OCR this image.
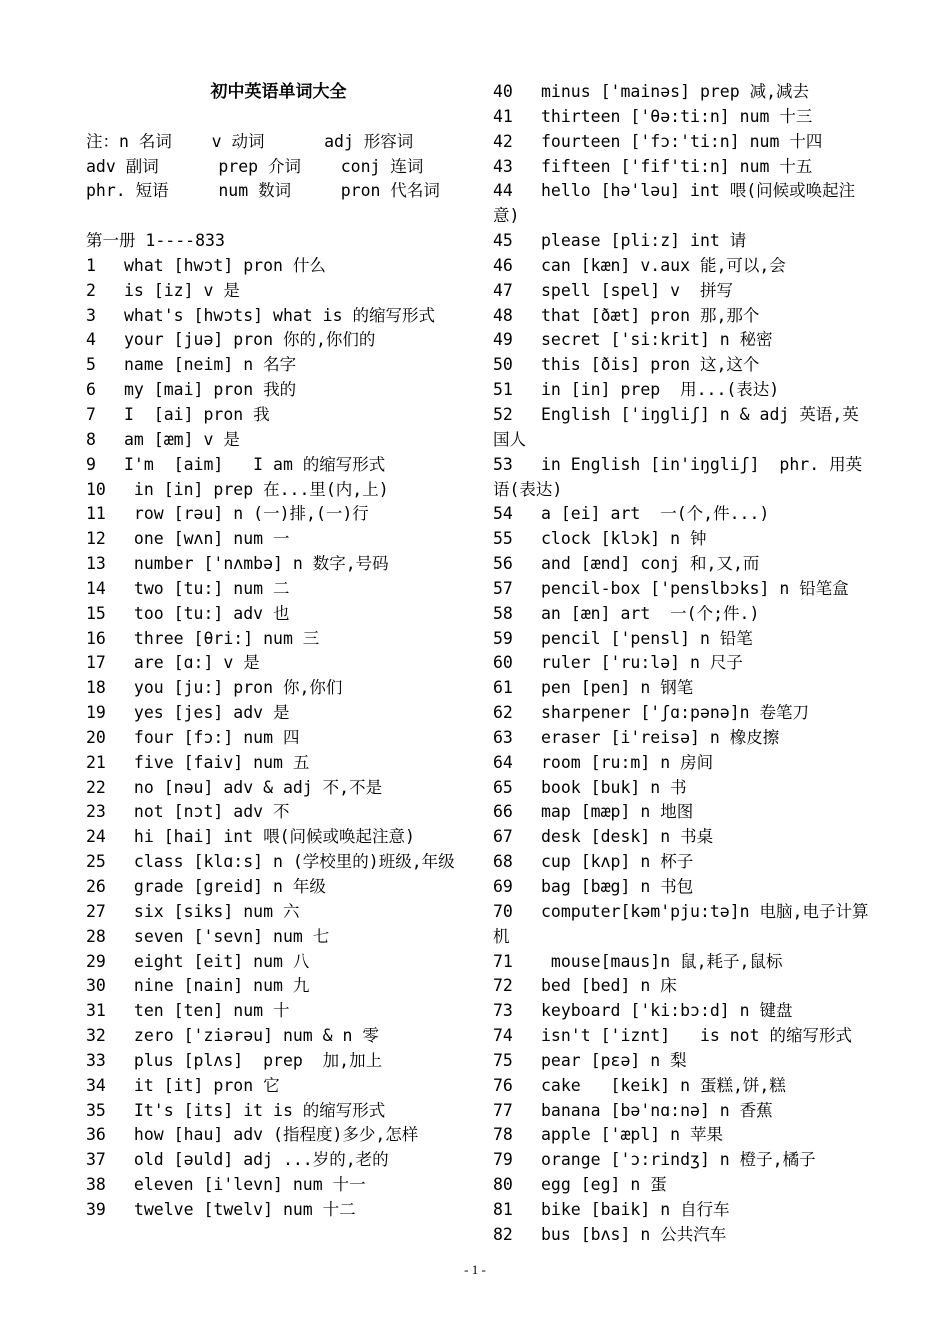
初中英语单词大全
注：n 名词    v 动词      adj 形容词
adv 副词      prep 介词    conj 连词
phr. 短语     num 数词     pron 代名词
第一册 1----833
1 what [hwɔt] pron 什么
2 is [iz] v 是
3 what's [hwɔts] what is 的缩写形式
4 your [juə] pron 你的,你们的
5 name [neim] n 名字
6 my [mai] pron 我的
7 I  [ai] pron 我
8 am [æm] v 是
9 I'm  [aim]   I am 的缩写形式
10 in [in] prep 在...里(内,上)
11 row [rəu] n (一)排,(一)行
12 one [wʌn] num 一
13 number ['nʌmbə] n 数字,号码
14 two [tu:] num 二
15 too [tu:] adv 也
16 three [θri:] num 三
17 are [ɑ:] v 是
18 you [ju:] pron 你,你们
19 yes [jes] adv 是
20 four [fɔ:] num 四
21 five [faiv] num 五
22 no [nəu] adv & adj 不,不是
23 not [nɔt] adv 不
24 hi [hai] int 喂(问候或唤起注意)
25 class [klɑ:s] n (学校里的)班级,年级
26 grade [greid] n 年级
27 six [siks] num 六
28 seven ['sevn] num 七
29 eight [eit] num 八
30 nine [nain] num 九
31 ten [ten] num 十
32 zero ['ziərəu] num & n 零
33 plus [plʌs]  prep  加,加上
34 it [it] pron 它
35 It's [its] it is 的缩写形式
36 how [hau] adv (指程度)多少,怎样
37 old [əuld] adj ...岁的,老的
38 eleven [i'levn] num 十一
39 twelve [twelv] num 十二
40 minus ['mainəs] prep 减,减去
41 thirteen ['θə:ti:n] num 十三
42 fourteen ['fɔ:'ti:n] num 十四
43 fifteen ['fif'ti:n] num 十五
44 hello [hə'ləu] int 喂(问候或唤起注意)
45 please [pli:z] int 请
46 can [kæn] v.aux 能,可以,会
47 spell [spel] v  拼写
48 that [ðæt] pron 那,那个
49 secret ['si:krit] n 秘密
50 this [ðis] pron 这,这个
51 in [in] prep  用...(表达)
52 English ['iŋgliʃ] n & adj 英语,英国人
53 in English [in'iŋgliʃ]  phr. 用英语(表达)
54 a [ei] art  一(个,件...)
55 clock [klɔk] n 钟
56 and [ænd] conj 和,又,而
57 pencil-box ['penslbɔks] n 铅笔盒
58 an [æn] art  一(个;件.)
59 pencil ['pensl] n 铅笔
60 ruler ['ru:lə] n 尺子
61 pen [pen] n 钢笔
62 sharpener ['ʃɑ:pənə]n 卷笔刀
63 eraser [i'reisə] n 橡皮擦
64 room [ru:m] n 房间
65 book [buk] n 书
66 map [mæp] n 地图
67 desk [desk] n 书桌
68 cup [kʌp] n 杯子
69 bag [bæg] n 书包
70 computer[kəm'pju:tə]n 电脑,电子计算机
71 mouse[maus]n 鼠,耗子,鼠标
72 bed [bed] n 床
73 keyboard ['ki:bɔ:d] n 键盘
74 isn't ['iznt]   is not 的缩写形式
75 pear [pɛə] n 梨
76 cake   [keik] n 蛋糕,饼,糕
77 banana [bə'nɑ:nə] n 香蕉
78 apple ['æpl] n 苹果
79 orange ['ɔ:rindʒ] n 橙子,橘子
80 egg [eg] n 蛋
81 bike [baik] n 自行车
82 bus [bʌs] n 公共汽车
- 1 -
